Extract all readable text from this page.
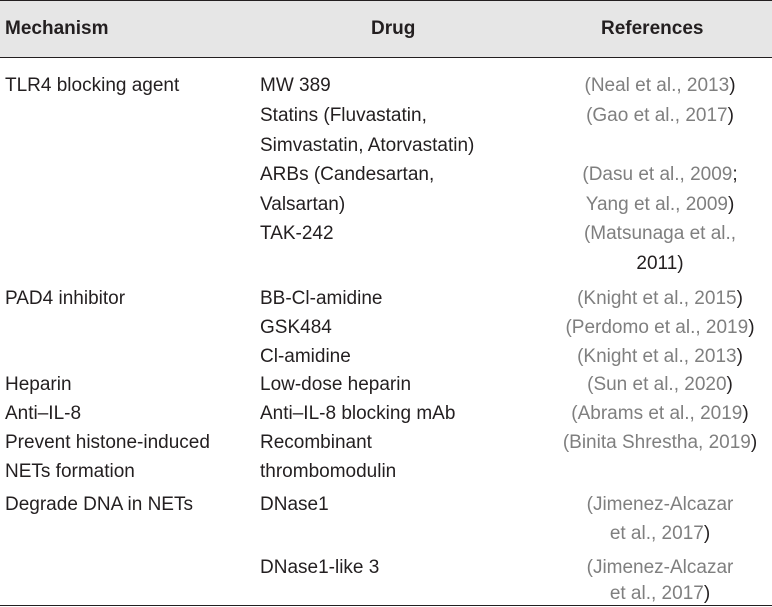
Mechanism	Drug	References
TLR4 blocking agent
PAD4 inhibitor
Heparin
Anti–IL-8
Prevent histone-induced
NETs formation
Degrade DNA in NETs
MW 389
Statins (Fluvastatin,
Simvastatin, Atorvastatin)
ARBs (Candesartan,
Valsartan)
TAK-242
BB-Cl-amidine
GSK484
Cl-amidine
Low-dose heparin
Anti–IL-8 blocking mAb
Recombinant
thrombomodulin
DNase1
DNase1-like 3
(Neal et al., 2013)
(Gao et al., 2017)
(Dasu et al., 2009;
Yang et al., 2009)
(Matsunaga et al.,
2011)
(Knight et al., 2015)
(Perdomo et al., 2019)
(Knight et al., 2013)
(Sun et al., 2020)
(Abrams et al., 2019)
(Binita Shrestha, 2019)
(Jimenez-Alcazar
et al., 2017)
(Jimenez-Alcazar
et al., 2017)
